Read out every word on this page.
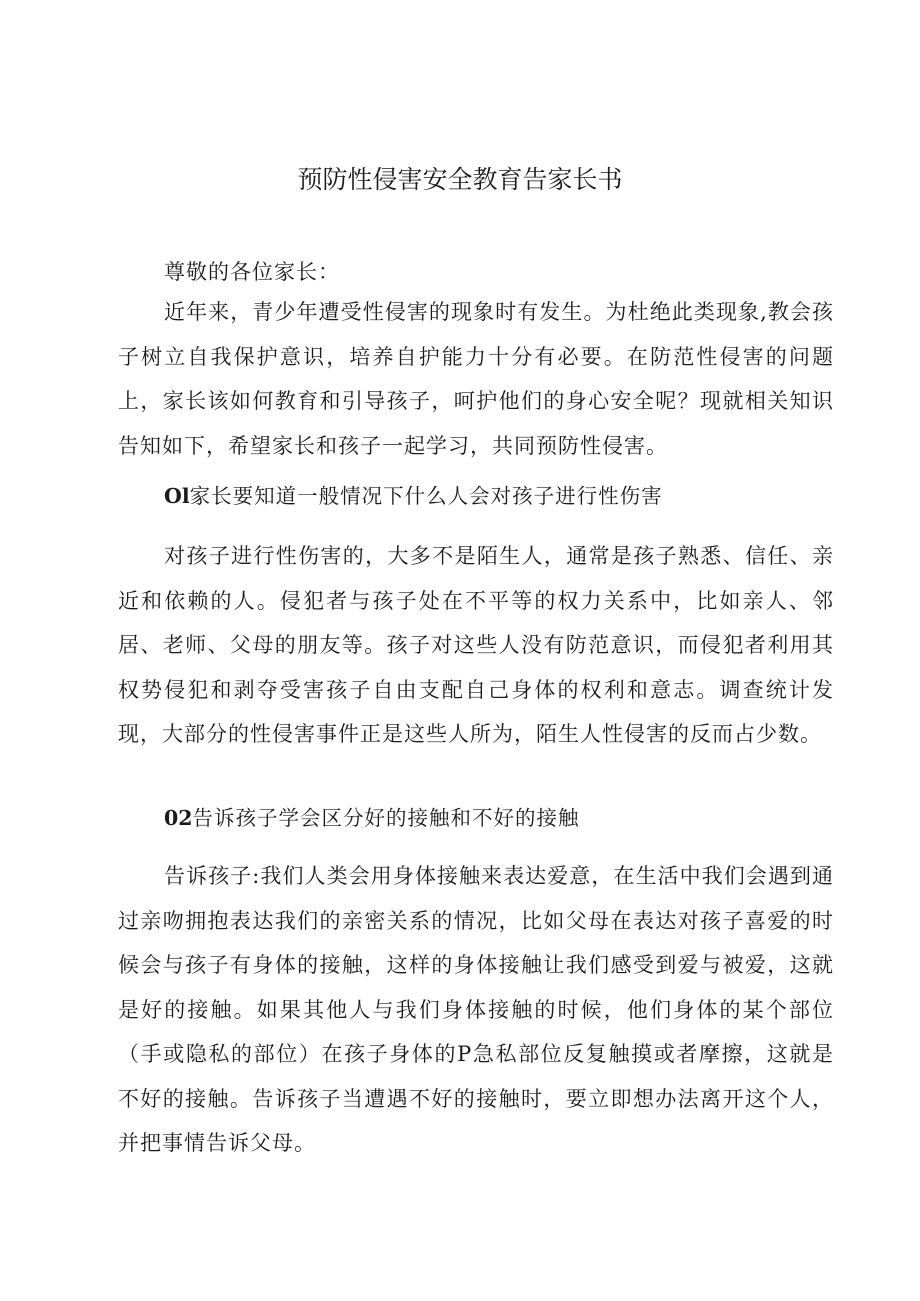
预防性侵害安全教育告家长书

尊敬的各位家长：

近年来，青少年遭受性侵害的现象时有发生。为杜绝此类现象,教会孩子树立自我保护意识，培养自护能力十分有必要。在防范性侵害的问题上，家长该如何教育和引导孩子，呵护他们的身心安全呢？现就相关知识告知如下，希望家长和孩子一起学习，共同预防性侵害。

Ol家长要知道一般情况下什么人会对孩子进行性伤害

对孩子进行性伤害的，大多不是陌生人，通常是孩子熟悉、信任、亲近和依赖的人。侵犯者与孩子处在不平等的权力关系中，比如亲人、邻居、老师、父母的朋友等。孩子对这些人没有防范意识，而侵犯者利用其权势侵犯和剥夺受害孩子自由支配自己身体的权利和意志。调查统计发现，大部分的性侵害事件正是这些人所为，陌生人性侵害的反而占少数。

02告诉孩子学会区分好的接触和不好的接触

告诉孩子:我们人类会用身体接触来表达爱意，在生活中我们会遇到通过亲吻拥抱表达我们的亲密关系的情况，比如父母在表达对孩子喜爱的时候会与孩子有身体的接触，这样的身体接触让我们感受到爱与被爱，这就是好的接触。如果其他人与我们身体接触的时候，他们身体的某个部位（手或隐私的部位）在孩子身体的P急私部位反复触摸或者摩擦，这就是不好的接触。告诉孩子当遭遇不好的接触时，要立即想办法离开这个人，并把事情告诉父母。
